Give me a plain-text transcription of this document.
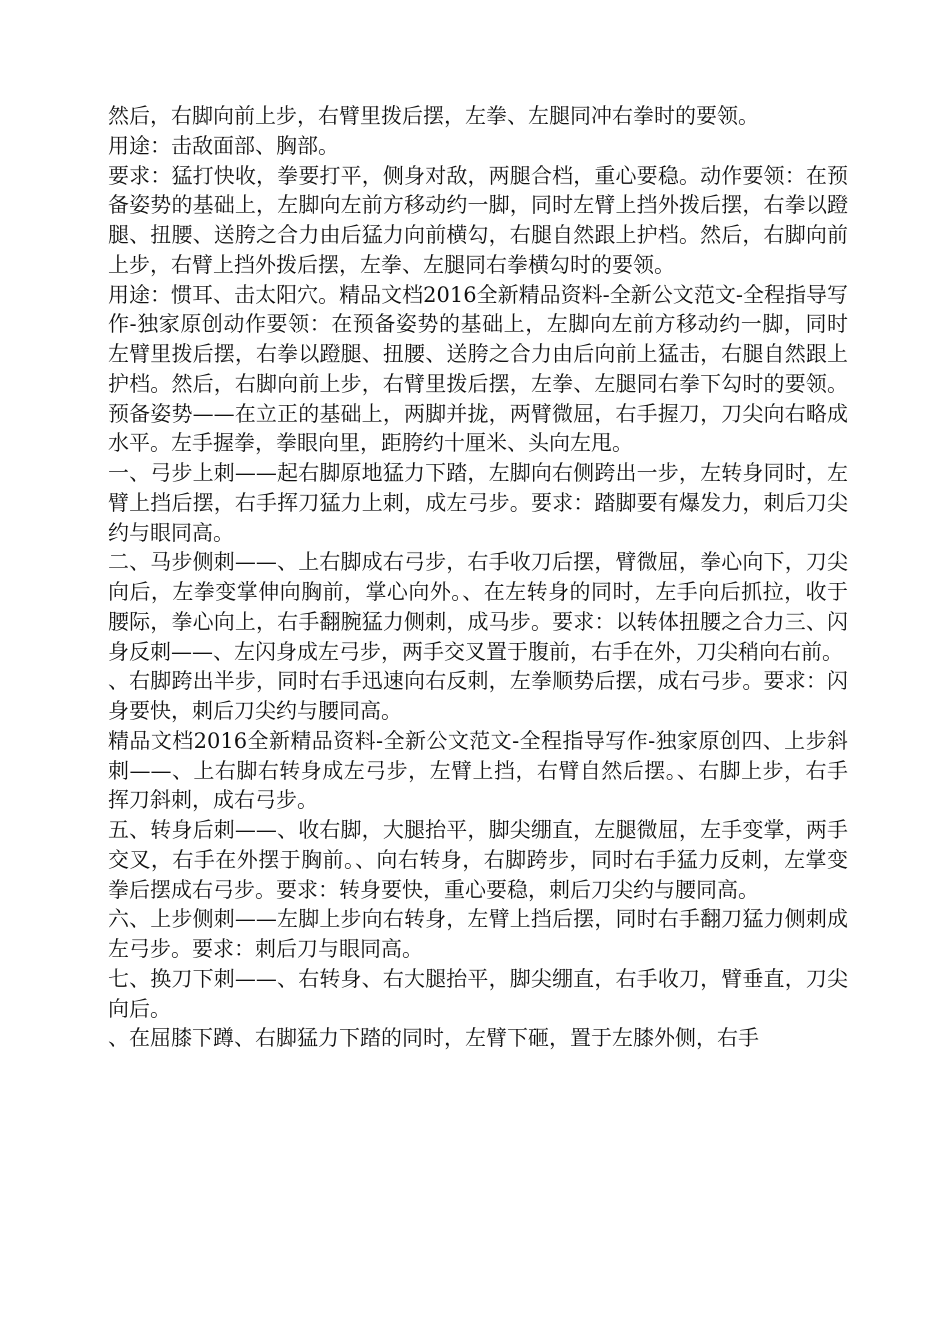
然后，右脚向前上步，右臂里拨后摆，左拳、左腿同冲右拳时的要领。

用途：击敌面部、胸部。

要求：猛打快收，拳要打平，侧身对敌，两腿合档，重心要稳。动作要领：在预备姿势的基础上，左脚向左前方移动约一脚，同时左臂上挡外拨后摆，右拳以蹬腿、扭腰、送胯之合力由后猛力向前横勾，右腿自然跟上护档。然后，右脚向前上步，右臂上挡外拨后摆，左拳、左腿同右拳横勾时的要领。

用途：惯耳、击太阳穴。精品文档2016全新精品资料-全新公文范文-全程指导写作-独家原创动作要领：在预备姿势的基础上，左脚向左前方移动约一脚，同时左臂里拨后摆，右拳以蹬腿、扭腰、送胯之合力由后向前上猛击，右腿自然跟上护档。然后，右脚向前上步，右臂里拨后摆，左拳、左腿同右拳下勾时的要领。预备姿势——在立正的基础上，两脚并拢，两臂微屈，右手握刀，刀尖向右略成水平。左手握拳，拳眼向里，距胯约十厘米、头向左甩。

一、弓步上刺——起右脚原地猛力下踏，左脚向右侧跨出一步，左转身同时，左臂上挡后摆，右手挥刀猛力上刺，成左弓步。要求：踏脚要有爆发力，刺后刀尖约与眼同高。

二、马步侧刺——、上右脚成右弓步，右手收刀后摆，臂微屈，拳心向下，刀尖向后，左拳变掌伸向胸前，掌心向外。、在左转身的同时，左手向后抓拉，收于腰际，拳心向上，右手翻腕猛力侧刺，成马步。要求：以转体扭腰之合力三、闪身反刺——、左闪身成左弓步，两手交叉置于腹前，右手在外，刀尖稍向右前。

、右脚跨出半步，同时右手迅速向右反刺，左拳顺势后摆，成右弓步。要求：闪身要快，刺后刀尖约与腰同高。

精品文档2016全新精品资料-全新公文范文-全程指导写作-独家原创四、上步斜刺——、上右脚右转身成左弓步，左臂上挡，右臂自然后摆。、右脚上步，右手挥刀斜刺，成右弓步。

五、转身后刺——、收右脚，大腿抬平，脚尖绷直，左腿微屈，左手变掌，两手交叉，右手在外摆于胸前。、向右转身，右脚跨步，同时右手猛力反刺，左掌变拳后摆成右弓步。要求：转身要快，重心要稳，刺后刀尖约与腰同高。

六、上步侧刺——左脚上步向右转身，左臂上挡后摆，同时右手翻刀猛力侧刺成左弓步。要求：刺后刀与眼同高。

七、换刀下刺——、右转身、右大腿抬平，脚尖绷直，右手收刀，臂垂直，刀尖向后。

、在屈膝下蹲、右脚猛力下踏的同时，左臂下砸，置于左膝外侧，右手
